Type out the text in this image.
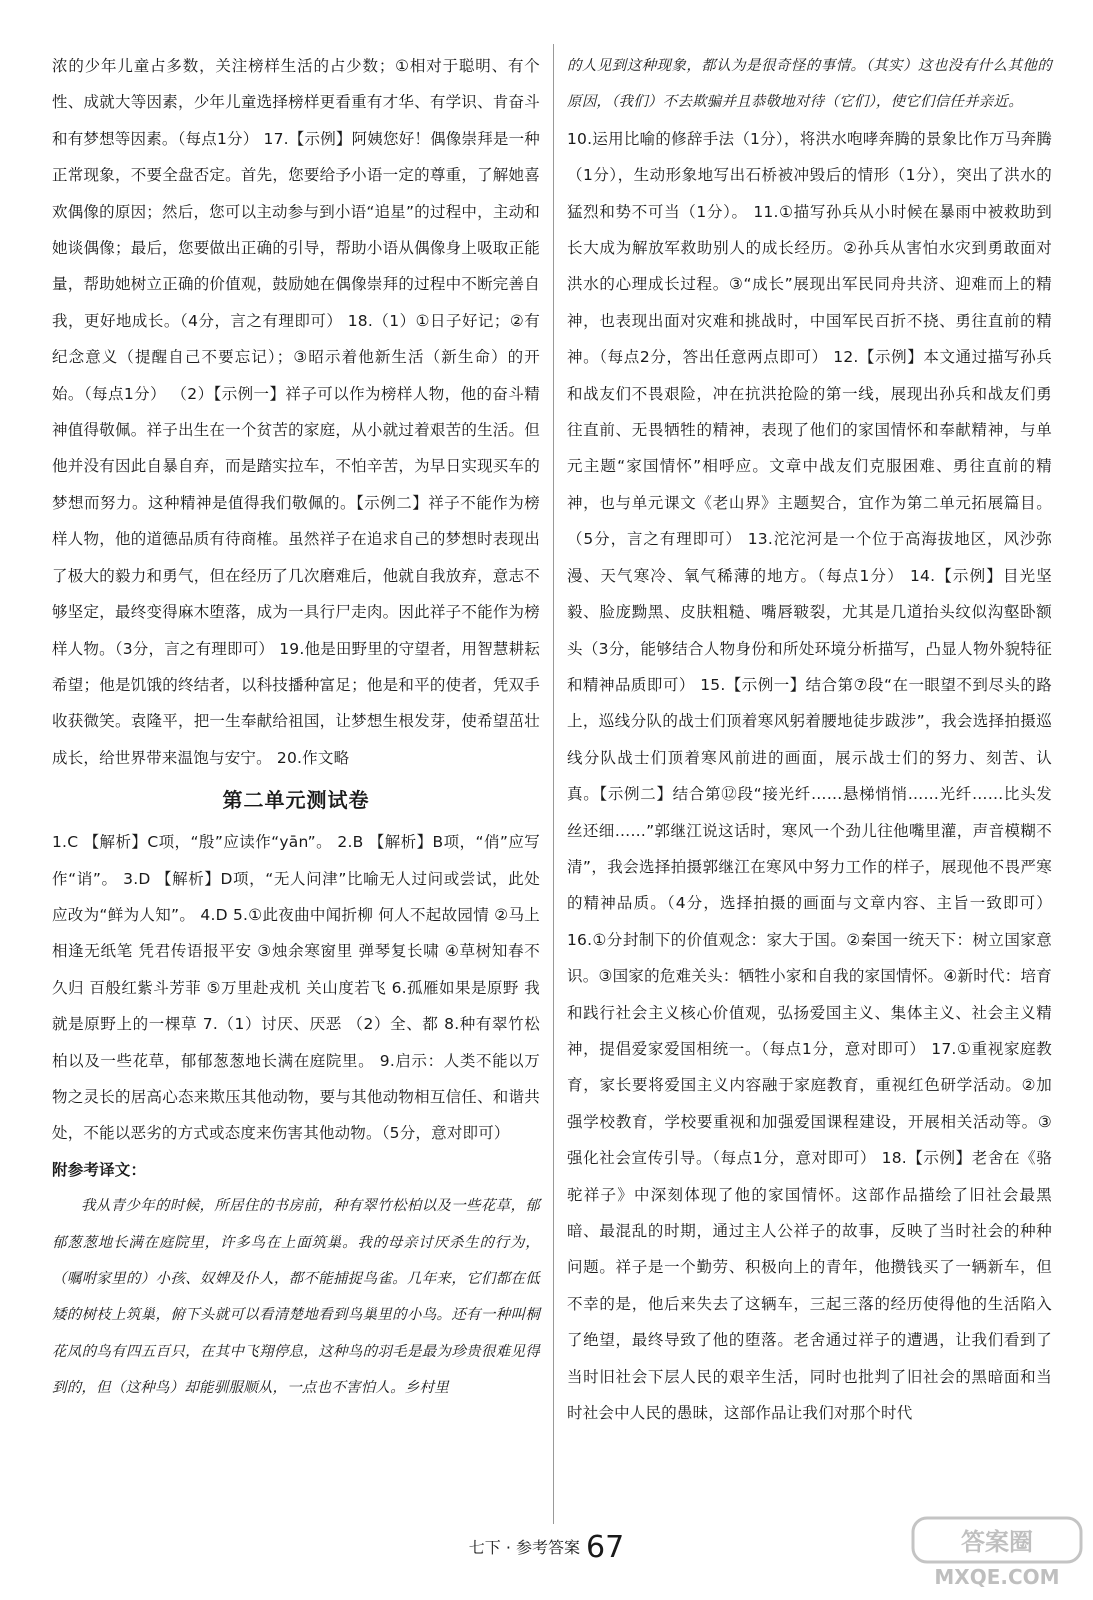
浓的少年儿童占多数，关注榜样生活的占少数；①相对于聪明、有个性、成就大等因素，少年儿童选择榜样更看重有才华、有学识、肯奋斗和有梦想等因素。（每点1分） 17.【示例】阿姨您好！偶像崇拜是一种正常现象，不要全盘否定。首先，您要给予小语一定的尊重，了解她喜欢偶像的原因；然后，您可以主动参与到小语“追星”的过程中，主动和她谈偶像；最后，您要做出正确的引导，帮助小语从偶像身上吸取正能量，帮助她树立正确的价值观，鼓励她在偶像崇拜的过程中不断完善自我，更好地成长。（4分，言之有理即可） 18.（1）①日子好记；②有纪念意义（提醒自己不要忘记）；③昭示着他新生活（新生命）的开始。（每点1分） （2）【示例一】祥子可以作为榜样人物，他的奋斗精神值得敬佩。祥子出生在一个贫苦的家庭，从小就过着艰苦的生活。但他并没有因此自暴自弃，而是踏实拉车，不怕辛苦，为早日实现买车的梦想而努力。这种精神是值得我们敬佩的。【示例二】祥子不能作为榜样人物，他的道德品质有待商榷。虽然祥子在追求自己的梦想时表现出了极大的毅力和勇气，但在经历了几次磨难后，他就自我放弃，意志不够坚定，最终变得麻木堕落，成为一具行尸走肉。因此祥子不能作为榜样人物。（3分，言之有理即可） 19.他是田野里的守望者，用智慧耕耘希望；他是饥饿的终结者，以科技播种富足；他是和平的使者，凭双手收获微笑。袁隆平，把一生奉献给祖国，让梦想生根发芽，使希望茁壮成长，给世界带来温饱与安宁。 20.作文略

第二单元测试卷

1.C 【解析】C项，“殷”应读作“yān”。 2.B 【解析】B项，“俏”应写作“诮”。 3.D 【解析】D项，“无人问津”比喻无人过问或尝试，此处应改为“鲜为人知”。 4.D 5.①此夜曲中闻折柳 何人不起故园情 ②马上相逢无纸笔 凭君传语报平安 ③烛余寒窗里 弹琴复长啸 ④草树知春不久归 百般红紫斗芳菲 ⑤万里赴戎机 关山度若飞 6.孤雁如果是原野 我就是原野上的一棵草 7.（1）讨厌、厌恶 （2）全、都 8.种有翠竹松柏以及一些花草，郁郁葱葱地长满在庭院里。 9.启示：人类不能以万物之灵长的居高心态来欺压其他动物，要与其他动物相互信任、和谐共处，不能以恶劣的方式或态度来伤害其他动物。（5分，意对即可）

附参考译文：

我从青少年的时候，所居住的书房前，种有翠竹松柏以及一些花草，郁郁葱葱地长满在庭院里，许多鸟在上面筑巢。我的母亲讨厌杀生的行为，（嘱咐家里的）小孩、奴婢及仆人，都不能捕捉鸟雀。几年来，它们都在低矮的树枝上筑巢，俯下头就可以看清楚地看到鸟巢里的小鸟。还有一种叫桐花凤的鸟有四五百只，在其中飞翔停息，这种鸟的羽毛是最为珍贵很难见得到的，但（这种鸟）却能驯服顺从，一点也不害怕人。乡村里

的人见到这种现象，都认为是很奇怪的事情。（其实）这也没有什么其他的原因，（我们）不去欺骗并且恭敬地对待（它们），使它们信任并亲近。

10.运用比喻的修辞手法（1分），将洪水咆哮奔腾的景象比作万马奔腾（1分），生动形象地写出石桥被冲毁后的情形（1分），突出了洪水的猛烈和势不可当（1分）。 11.①描写孙兵从小时候在暴雨中被救助到长大成为解放军救助别人的成长经历。②孙兵从害怕水灾到勇敢面对洪水的心理成长过程。③“成长”展现出军民同舟共济、迎难而上的精神，也表现出面对灾难和挑战时，中国军民百折不挠、勇往直前的精神。（每点2分，答出任意两点即可） 12.【示例】本文通过描写孙兵和战友们不畏艰险，冲在抗洪抢险的第一线，展现出孙兵和战友们勇往直前、无畏牺牲的精神，表现了他们的家国情怀和奉献精神，与单元主题“家国情怀”相呼应。文章中战友们克服困难、勇往直前的精神，也与单元课文《老山界》主题契合，宜作为第二单元拓展篇目。（5分，言之有理即可） 13.沱沱河是一个位于高海拔地区，风沙弥漫、天气寒冷、氧气稀薄的地方。（每点1分） 14.【示例】目光坚毅、脸庞黝黑、皮肤粗糙、嘴唇皲裂，尤其是几道抬头纹似沟壑卧额头（3分，能够结合人物身份和所处环境分析描写，凸显人物外貌特征和精神品质即可） 15.【示例一】结合第⑦段“在一眼望不到尽头的路上，巡线分队的战士们顶着寒风躬着腰地徒步跋涉”，我会选择拍摄巡线分队战士们顶着寒风前进的画面，展示战士们的努力、刻苦、认真。【示例二】结合第⑫段“接光纤……悬梯悄悄……光纤……比头发丝还细……”郭继江说这话时，寒风一个劲儿往他嘴里灌，声音模糊不清”，我会选择拍摄郭继江在寒风中努力工作的样子，展现他不畏严寒的精神品质。（4分，选择拍摄的画面与文章内容、主旨一致即可） 16.①分封制下的价值观念：家大于国。②秦国一统天下：树立国家意识。③国家的危难关头：牺牲小家和自我的家国情怀。④新时代：培育和践行社会主义核心价值观，弘扬爱国主义、集体主义、社会主义精神，提倡爱家爱国相统一。（每点1分，意对即可） 17.①重视家庭教育，家长要将爱国主义内容融于家庭教育，重视红色研学活动。②加强学校教育，学校要重视和加强爱国课程建设，开展相关活动等。③强化社会宣传引导。（每点1分，意对即可） 18.【示例】老舍在《骆驼祥子》中深刻体现了他的家国情怀。这部作品描绘了旧社会最黑暗、最混乱的时期，通过主人公祥子的故事，反映了当时社会的种种问题。祥子是一个勤劳、积极向上的青年，他攒钱买了一辆新车，但不幸的是，他后来失去了这辆车，三起三落的经历使得他的生活陷入了绝望，最终导致了他的堕落。老舍通过祥子的遭遇，让我们看到了当时旧社会下层人民的艰辛生活，同时也批判了旧社会的黑暗面和当时社会中人民的愚昧，这部作品让我们对那个时代

七下 · 参考答案 67	答案圈
MXQE.COM
